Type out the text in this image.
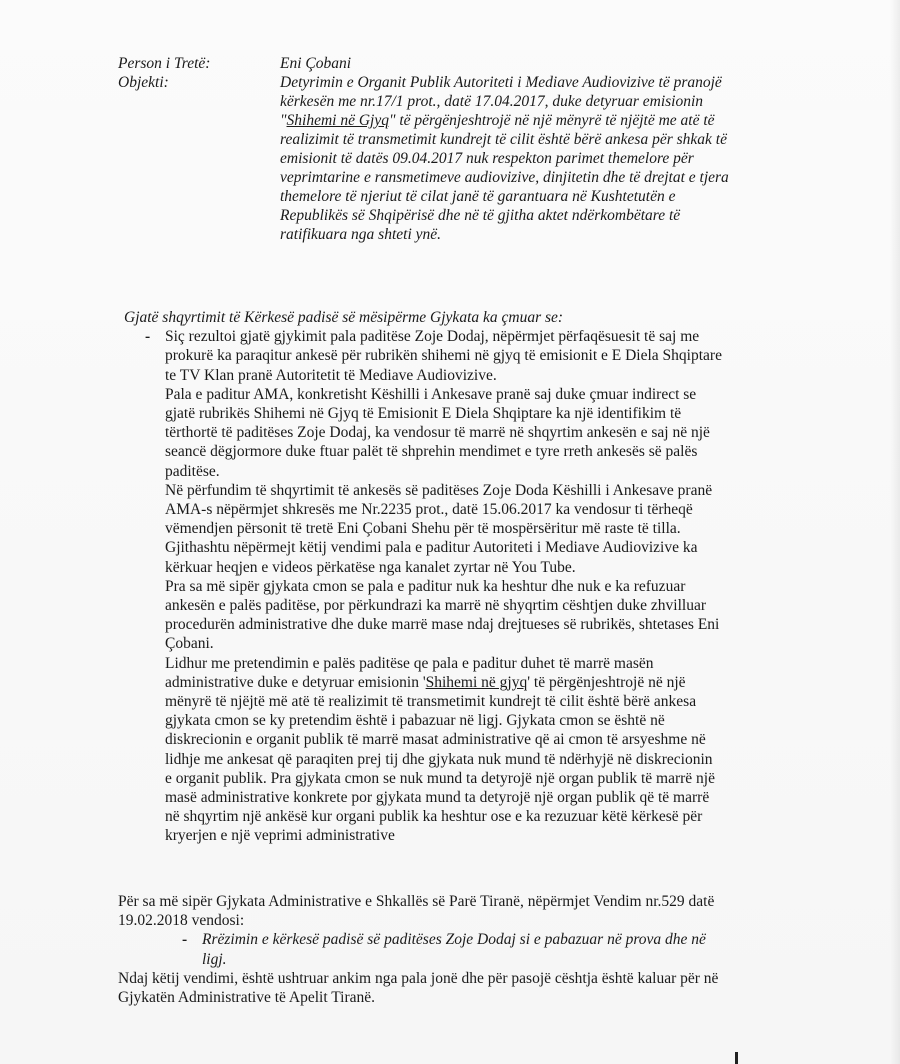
Person i Tretë:	Eni Çobani
Objekti:	Detyrimin e Organit Publik Autoriteti i Mediave Audiovizive të pranojë
kërkesën me nr.17/1 prot., datë 17.04.2017, duke detyruar emisionin
"Shihemi në Gjyq" të përgënjeshtrojë në një mënyrë të njëjtë me atë të
realizimit të transmetimit kundrejt të cilit është bërë ankesa për shkak të
emisionit të datës 09.04.2017 nuk respekton parimet themelore për
veprimtarine e ransmetimeve audiovizive, dinjitetin dhe të drejtat e tjera
themelore të njeriut të cilat janë të garantuara në Kushtetutën e
Republikës së Shqipërisë dhe në të gjitha aktet ndërkombëtare të
ratifikuara nga shteti ynë.
Gjatë shqyrtimit të Kërkesë padisë së mësipërme Gjykata ka çmuar se:
- Siç rezultoi gjatë gjykimit pala paditëse Zoje Dodaj, nëpërmjet përfaqësuesit të saj me
prokurë ka paraqitur ankesë për rubrikën shihemi në gjyq të emisionit e E Diela Shqiptare
te TV Klan pranë Autoritetit të Mediave Audiovizive.
Pala e paditur AMA, konkretisht Këshilli i Ankesave pranë saj duke çmuar indirect se
gjatë rubrikës Shihemi në Gjyq të Emisionit E Diela Shqiptare ka një identifikim të
tërthortë të paditëses Zoje Dodaj, ka vendosur të marrë në shqyrtim ankesën e saj në një
seancë dëgjormore duke ftuar palët të shprehin mendimet e tyre rreth ankesës së palës
paditëse.
Në përfundim të shqyrtimit të ankesës së paditëses Zoje Doda Këshilli i Ankesave pranë
AMA-s nëpërmjet shkresës me Nr.2235 prot., datë 15.06.2017 ka vendosur ti tërheqë
vëmendjen përsonit të tretë Eni Çobani Shehu për të mospërsëritur më raste të tilla.
Gjithashtu nëpërmejt këtij vendimi pala e paditur Autoriteti i Mediave Audiovizive ka
kërkuar heqjen e videos përkatëse nga kanalet zyrtar në You Tube.
Pra sa më sipër gjykata cmon se pala e paditur nuk ka heshtur dhe nuk e ka refuzuar
ankesën e palës paditëse, por përkundrazi ka marrë në shyqrtim cështjen duke zhvilluar
procedurën administrative dhe duke marrë mase ndaj drejtueses së rubrikës, shtetases Eni
Çobani.
Lidhur me pretendimin e palës paditëse qe pala e paditur duhet të marrë masën
administrative duke e detyruar emisionin 'Shihemi në gjyq' të përgënjeshtrojë në një
mënyrë të njëjtë më atë të realizimit të transmetimit kundrejt të cilit është bërë ankesa
gjykata cmon se ky pretendim është i pabazuar në ligj. Gjykata cmon se është në
diskrecionin e organit publik të marrë masat administrative që ai cmon të arsyeshme në
lidhje me ankesat që paraqiten prej tij dhe gjykata nuk mund të ndërhyjë në diskrecionin
e organit publik. Pra gjykata cmon se nuk mund ta detyrojë një organ publik të marrë një
masë administrative konkrete por gjykata mund ta detyrojë një organ publik që të marrë
në shqyrtim një ankësë kur organi publik ka heshtur ose e ka rezuzuar këtë kërkesë për
kryerjen e një veprimi administrative
Për sa më sipër Gjykata Administrative e Shkallës së Parë Tiranë, nëpërmjet Vendim nr.529 datë
19.02.2018 vendosi:
- Rrëzimin e kërkesë padisë së paditëses Zoje Dodaj si e pabazuar në prova dhe në
ligj.
Ndaj këtij vendimi, është ushtruar ankim nga pala jonë dhe për pasojë cështja është kaluar për në
Gjykatën Administrative të Apelit Tiranë.
